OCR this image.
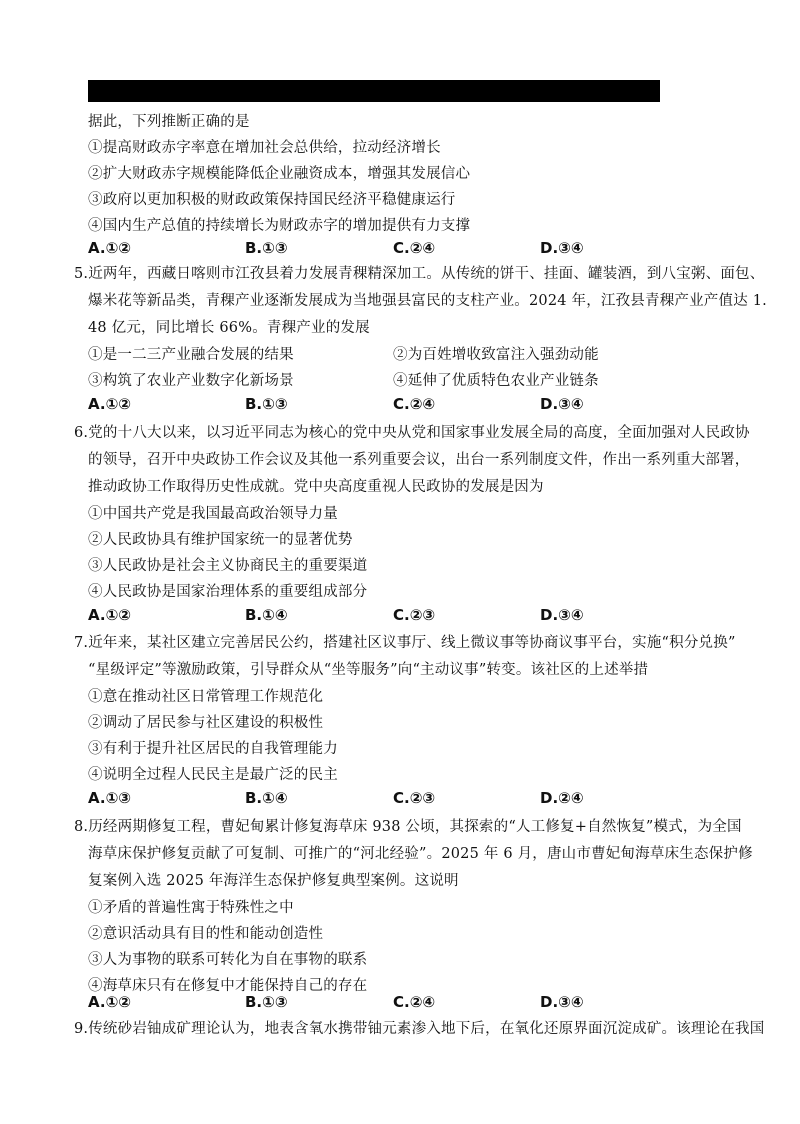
据此，下列推断正确的是
①提高财政赤字率意在增加社会总供给，拉动经济增长
②扩大财政赤字规模能降低企业融资成本，增强其发展信心
③政府以更加积极的财政政策保持国民经济平稳健康运行
④国内生产总值的持续增长为财政赤字的增加提供有力支撑
A.①②	B.①③	C.②④	D.③④
5.近两年，西藏日喀则市江孜县着力发展青稞精深加工。从传统的饼干、挂面、罐装酒，到八宝粥、面包、
爆米花等新品类，青稞产业逐渐发展成为当地强县富民的支柱产业。2024 年，江孜县青稞产业产值达 1.
48 亿元，同比增长 66%。青稞产业的发展
①是一二三产业融合发展的结果	②为百姓增收致富注入强劲动能
③构筑了农业产业数字化新场景	④延伸了优质特色农业产业链条
A.①②	B.①③	C.②④	D.③④
6.党的十八大以来，以习近平同志为核心的党中央从党和国家事业发展全局的高度，全面加强对人民政协
的领导，召开中央政协工作会议及其他一系列重要会议，出台一系列制度文件，作出一系列重大部署，
推动政协工作取得历史性成就。党中央高度重视人民政协的发展是因为
①中国共产党是我国最高政治领导力量
②人民政协具有维护国家统一的显著优势
③人民政协是社会主义协商民主的重要渠道
④人民政协是国家治理体系的重要组成部分
A.①②	B.①④	C.②③	D.③④
7.近年来，某社区建立完善居民公约，搭建社区议事厅、线上微议事等协商议事平台，实施“积分兑换”
“星级评定”等激励政策，引导群众从“坐等服务”向“主动议事”转变。该社区的上述举措
①意在推动社区日常管理工作规范化
②调动了居民参与社区建设的积极性
③有利于提升社区居民的自我管理能力
④说明全过程人民民主是最广泛的民主
A.①③	B.①④	C.②③	D.②④
8.历经两期修复工程，曹妃甸累计修复海草床 938 公顷，其探索的“人工修复+自然恢复”模式，为全国
海草床保护修复贡献了可复制、可推广的“河北经验”。2025 年 6 月，唐山市曹妃甸海草床生态保护修
复案例入选 2025 年海洋生态保护修复典型案例。这说明
①矛盾的普遍性寓于特殊性之中
②意识活动具有目的性和能动创造性
③人为事物的联系可转化为自在事物的联系
④海草床只有在修复中才能保持自己的存在
A.①②	B.①③	C.②④	D.③④
9.传统砂岩铀成矿理论认为，地表含氧水携带铀元素渗入地下后，在氧化还原界面沉淀成矿。该理论在我国
